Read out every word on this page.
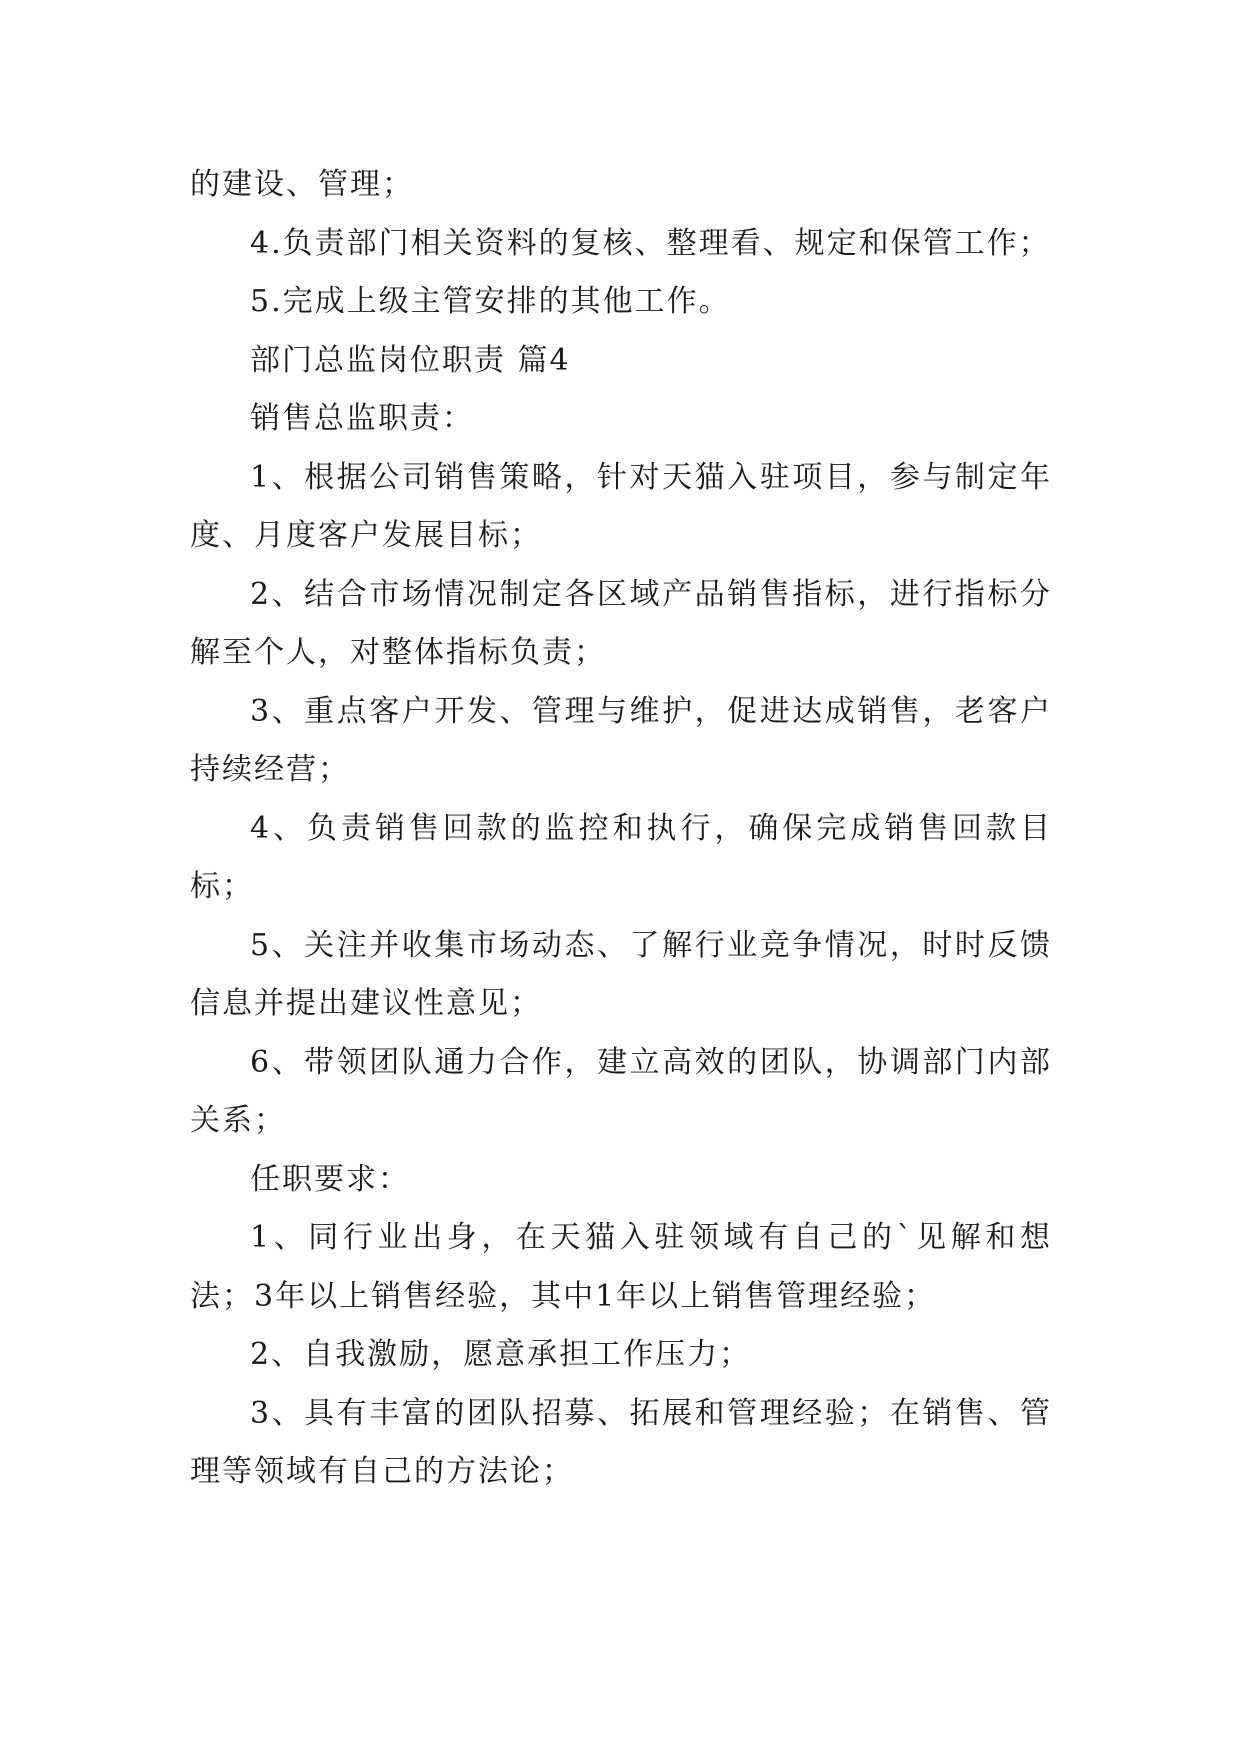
的建设、管理；

4.负责部门相关资料的复核、整理看、规定和保管工作；

5.完成上级主管安排的其他工作。

部门总监岗位职责 篇4

销售总监职责：

1、根据公司销售策略，针对天猫入驻项目，参与制定年度、月度客户发展目标；

2、结合市场情况制定各区域产品销售指标，进行指标分解至个人，对整体指标负责；

3、重点客户开发、管理与维护，促进达成销售，老客户持续经营；

4、负责销售回款的监控和执行，确保完成销售回款目标；

5、关注并收集市场动态、了解行业竞争情况，时时反馈信息并提出建议性意见；

6、带领团队通力合作，建立高效的团队，协调部门内部关系；

任职要求：

1、同行业出身，在天猫入驻领域有自己的`见解和想法；3年以上销售经验，其中1年以上销售管理经验；

2、自我激励，愿意承担工作压力；

3、具有丰富的团队招募、拓展和管理经验；在销售、管理等领域有自己的方法论；
